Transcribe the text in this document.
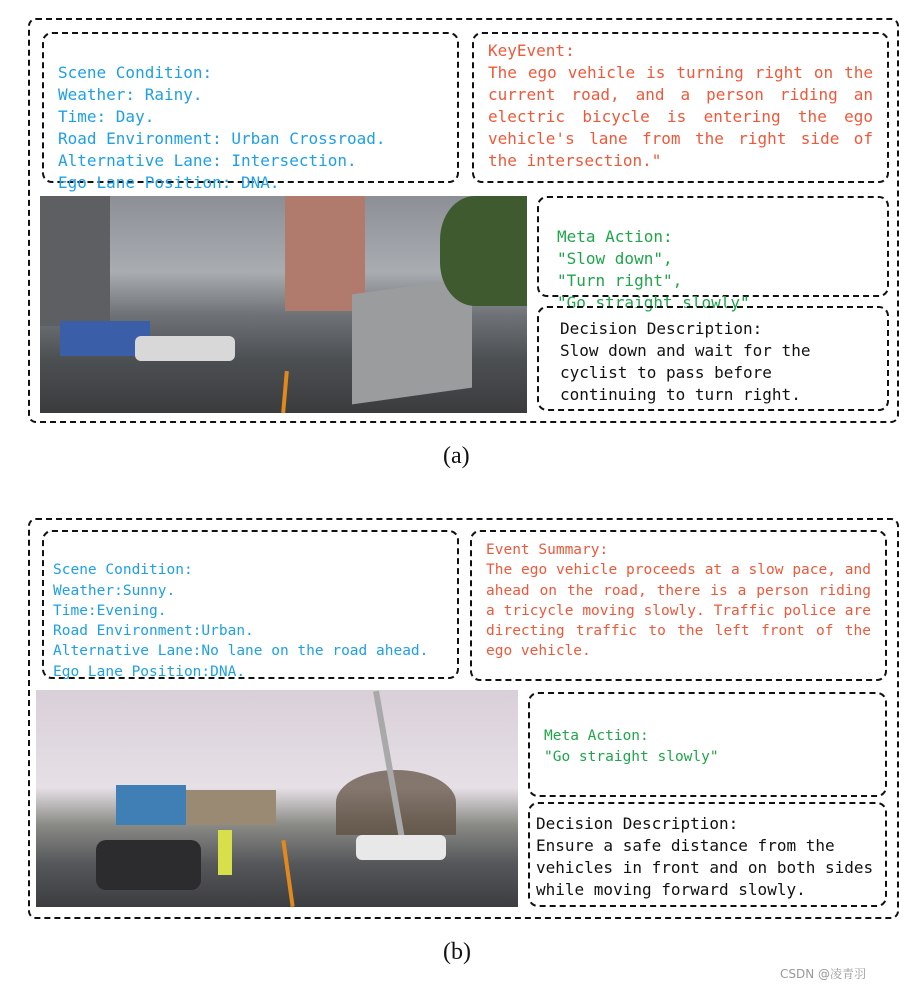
Scene Condition:
Weather: Rainy.
Time: Day.
Road Environment: Urban Crossroad.
Alternative Lane: Intersection.
Ego Lane Position: DNA.

KeyEvent:
The ego vehicle is turning right on the current road, and a person riding an electric bicycle is entering the ego vehicle's lane from the right side of the intersection."

Meta Action:
"Slow down",
"Turn right",
"Go straight slowly"

Decision Description:
Slow down and wait for the cyclist to pass before continuing to turn right.
(a)

Scene Condition:
Weather:Sunny.
Time:Evening.
Road Environment:Urban.
Alternative Lane:No lane on the road ahead.
Ego Lane Position:DNA.

Event Summary:
The ego vehicle proceeds at a slow pace, and ahead on the road, there is a person riding a tricycle moving slowly. Traffic police are directing traffic to the left front of the ego vehicle.

Meta Action:
"Go straight slowly"

Decision Description:
Ensure a safe distance from the vehicles in front and on both sides while moving forward slowly.
(b)
CSDN @凌青羽
